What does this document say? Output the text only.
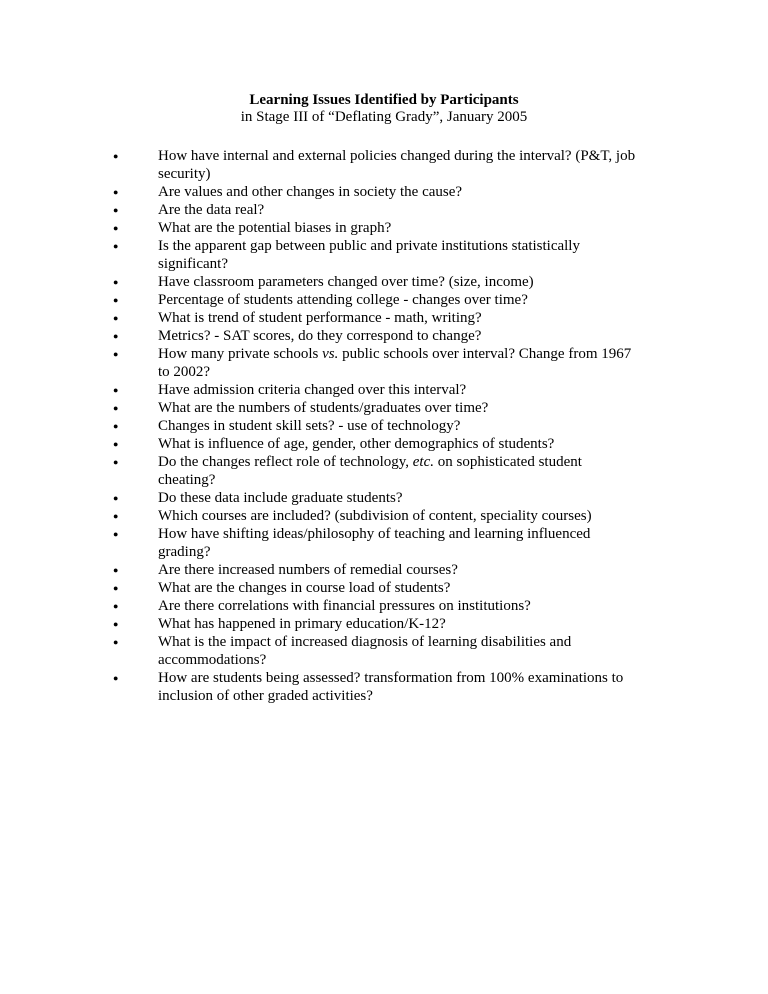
Learning Issues Identified by Participants
in Stage III of “Deflating Grady”, January 2005
●	How have internal and external policies changed during the interval? (P&T, job security)
●	Are values and other changes in society the cause?
●	Are the data real?
●	What are the potential biases in graph?
●	Is the apparent gap between public and private institutions statistically significant?
●	Have classroom parameters changed over time? (size, income)
●	Percentage of students attending college - changes over time?
●	What is trend of student performance - math, writing?
●	Metrics? - SAT scores, do they correspond to change?
●	How many private schools vs. public schools over interval? Change from 1967 to 2002?
●	Have admission criteria changed over this interval?
●	What are the numbers of students/graduates over time?
●	Changes in student skill sets? - use of technology?
●	What is influence of age, gender, other demographics of students?
●	Do the changes reflect role of technology, etc. on sophisticated student cheating?
●	Do these data include graduate students?
●	Which courses are included? (subdivision of content, speciality courses)
●	How have shifting ideas/philosophy of teaching and learning influenced grading?
●	Are there increased numbers of remedial courses?
●	What are the changes in course load of students?
●	Are there correlations with financial pressures on institutions?
●	What has happened in primary education/K-12?
●	What is the impact of increased diagnosis of learning disabilities and accommodations?
●	How are students being assessed? transformation from 100% examinations to inclusion of other graded activities?
